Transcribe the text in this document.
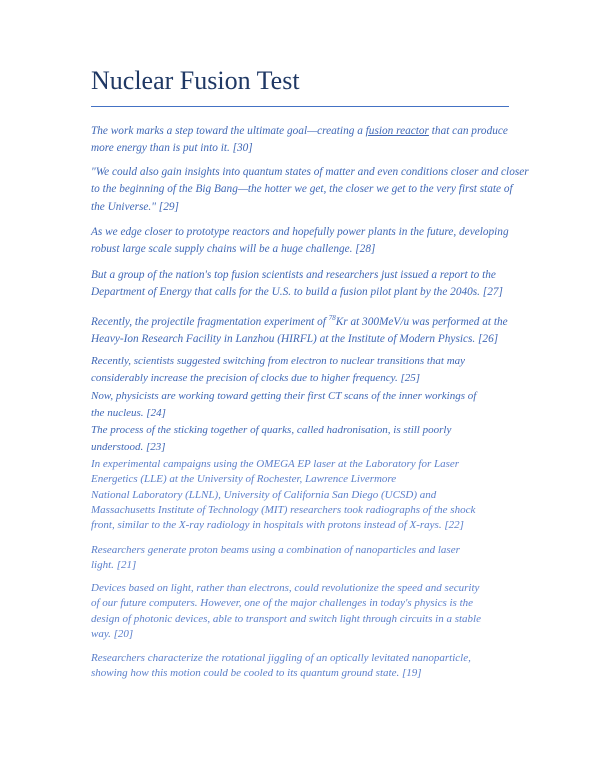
Nuclear Fusion Test

The work marks a step toward the ultimate goal—creating a fusion reactor that can produce
more energy than is put into it. [30]

"We could also gain insights into quantum states of matter and even conditions closer and closer
to the beginning of the Big Bang—the hotter we get, the closer we get to the very first state of
the Universe." [29]

As we edge closer to prototype reactors and hopefully power plants in the future, developing
robust large scale supply chains will be a huge challenge. [28]

But a group of the nation's top fusion scientists and researchers just issued a report to the
Department of Energy that calls for the U.S. to build a fusion pilot plant by the 2040s. [27]

Recently, the projectile fragmentation experiment of $^{78}$Kr at 300MeV/u was performed at the
Heavy-Ion Research Facility in Lanzhou (HIRFL) at the Institute of Modern Physics. [26]

Recently, scientists suggested switching from electron to nuclear transitions that may
considerably increase the precision of clocks due to higher frequency. [25]

Now, physicists are working toward getting their first CT scans of the inner workings of
the nucleus. [24]

The process of the sticking together of quarks, called hadronisation, is still poorly
understood. [23]

In experimental campaigns using the OMEGA EP laser at the Laboratory for Laser
Energetics (LLE) at the University of Rochester, Lawrence Livermore
National Laboratory (LLNL), University of California San Diego (UCSD) and
Massachusetts Institute of Technology (MIT) researchers took radiographs of the shock
front, similar to the X-ray radiology in hospitals with protons instead of X-rays. [22]

Researchers generate proton beams using a combination of nanoparticles and laser
light. [21]

Devices based on light, rather than electrons, could revolutionize the speed and security
of our future computers. However, one of the major challenges in today's physics is the
design of photonic devices, able to transport and switch light through circuits in a stable
way. [20]

Researchers characterize the rotational jiggling of an optically levitated nanoparticle,
showing how this motion could be cooled to its quantum ground state. [19]
